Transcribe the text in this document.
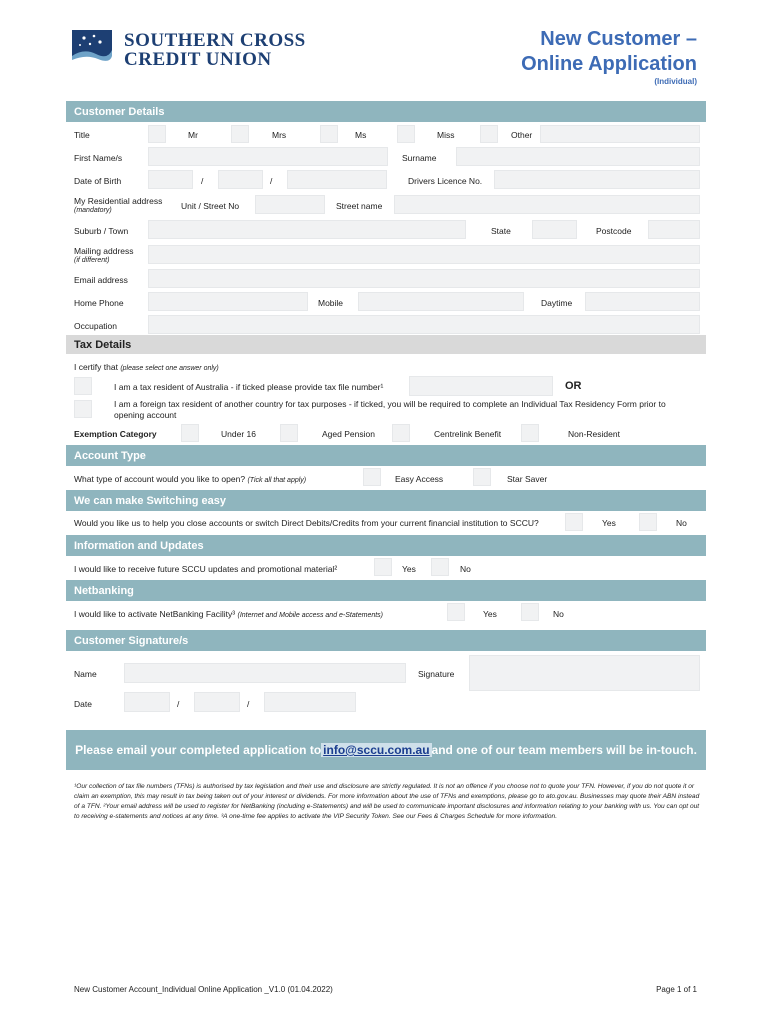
SOUTHERN CROSS
CREDIT UNION
New Customer –
Online Application
(Individual)
Customer Details
Title	Mr	Mrs	Ms	Miss	Other
First Name/s	Surname
Date of Birth	/	/	Drivers Licence No.
My Residential address
(mandatory)	Unit / Street No	Street name
Suburb / Town	State	Postcode
Mailing address
(if different)
Email address
Home Phone	Mobile	Daytime
Occupation
Tax Details
I certify that (please select one answer only)
I am a tax resident of Australia - if ticked please provide tax file number¹	OR
I am a foreign tax resident of another country for tax purposes - if ticked, you will be required to complete an Individual Tax Residency Form prior to
opening account
Exemption Category	Under 16	Aged Pension	Centrelink Benefit	Non-Resident
Account Type
What type of account would you like to open? (Tick all that apply)	Easy Access	Star Saver
We can make Switching easy
Would you like us to help you close accounts or switch Direct Debits/Credits from your current financial institution to SCCU?	Yes	No
Information and Updates
I would like to receive future SCCU updates and promotional material²	Yes	No
Netbanking
I would like to activate NetBanking Facility³ (Internet and Mobile access and e-Statements)	Yes	No
Customer Signature/s
Name	Signature
Date	/	/
Please email your completed application to info@sccu.com.au and one of our team members will be in-touch.
¹Our collection of tax file numbers (TFNs) is authorised by tax legislation and their use and disclosure are strictly regulated. It is not an offence if you choose not to quote your TFN. However, if you do not quote it or claim an exemption, this may result in tax being taken out of your interest or dividends. For more information about the use of TFNs and exemptions, please go to ato.gov.au. Businesses may quote their ABN instead of a TFN. ²Your email address will be used to register for NetBanking (including e-Statements) and will be used to communicate important disclosures and information relating to your banking with us. You can opt out to receiving e-statements and notices at any time. ³A one-time fee applies to activate the VIP Security Token. See our Fees & Charges Schedule for more information.
New Customer Account_Individual Online Application _V1.0 (01.04.2022)	Page 1 of 1
